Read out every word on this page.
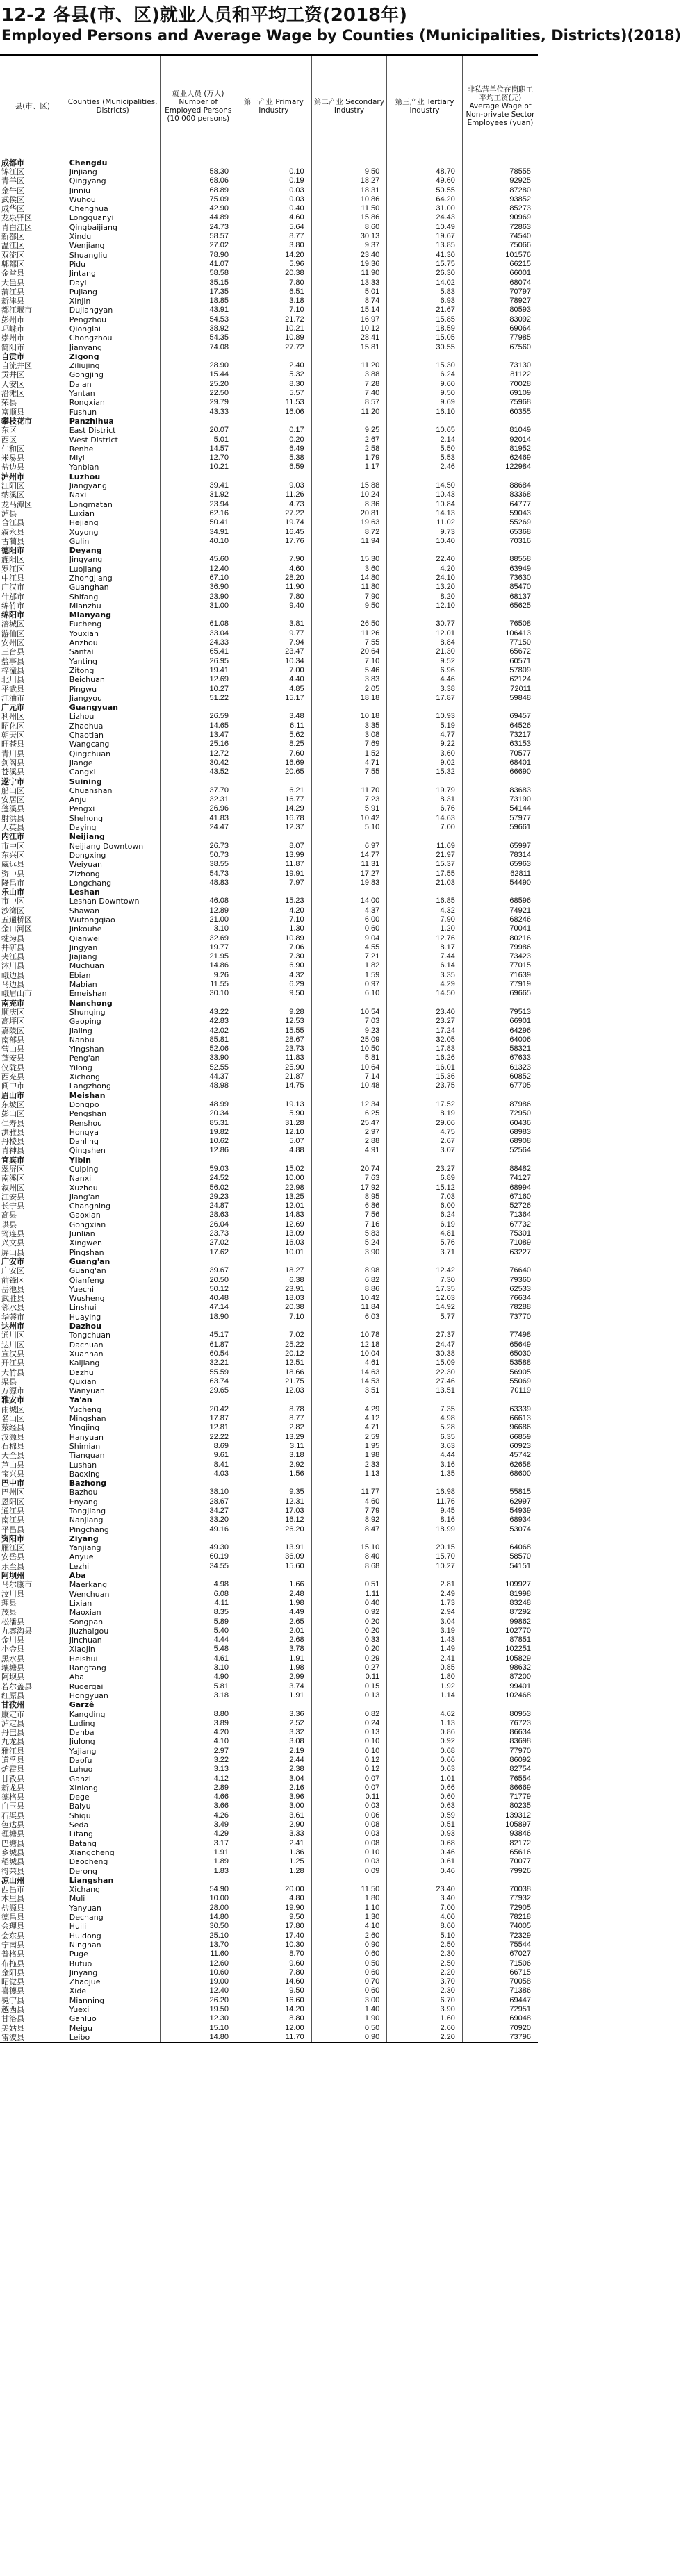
12-2 各县(市、区)就业人员和平均工资(2018年)
Employed Persons and Average Wage by Counties (Municipalities, Districts)(2018)
县(市、区)	Counties (Municipalities, Districts)	就业人员 (万人) Number of Employed Persons (10 000 persons)	第一产业 Primary Industry	第二产业 Secondary Industry	第三产业 Tertiary Industry	非私营单位在岗职工平均工资(元) Average Wage of Non-private Sector Employees (yuan)
成都市	Chengdu					
锦江区	Jinjiang	58.30	0.10	9.50	48.70	78555
青羊区	Qingyang	68.06	0.19	18.27	49.60	92925
金牛区	Jinniu	68.89	0.03	18.31	50.55	87280
武侯区	Wuhou	75.09	0.03	10.86	64.20	93852
成华区	Chenghua	42.90	0.40	11.50	31.00	85273
龙泉驿区	Longquanyi	44.89	4.60	15.86	24.43	90969
青白江区	Qingbaijiang	24.73	5.64	8.60	10.49	72863
新都区	Xindu	58.57	8.77	30.13	19.67	74540
温江区	Wenjiang	27.02	3.80	9.37	13.85	75066
双流区	Shuangliu	78.90	14.20	23.40	41.30	101576
郫都区	Pidu	41.07	5.96	19.36	15.75	66215
金堂县	Jintang	58.58	20.38	11.90	26.30	66001
大邑县	Dayi	35.15	7.80	13.33	14.02	68074
蒲江县	Pujiang	17.35	6.51	5.01	5.83	70797
新津县	Xinjin	18.85	3.18	8.74	6.93	78927
都江堰市	Dujiangyan	43.91	7.10	15.14	21.67	80593
彭州市	Pengzhou	54.53	21.72	16.97	15.85	83092
邛崃市	Qionglai	38.92	10.21	10.12	18.59	69064
崇州市	Chongzhou	54.35	10.89	28.41	15.05	77985
简阳市	Jianyang	74.08	27.72	15.81	30.55	67560
自贡市	Zigong					
自流井区	Ziliujing	28.90	2.40	11.20	15.30	73130
贡井区	Gongjing	15.44	5.32	3.88	6.24	81122
大安区	Da'an	25.20	8.30	7.28	9.60	70028
沿滩区	Yantan	22.50	5.57	7.40	9.50	69109
荣县	Rongxian	29.79	11.53	8.57	9.69	75968
富顺县	Fushun	43.33	16.06	11.20	16.10	60355
攀枝花市	Panzhihua					
东区	East District	20.07	0.17	9.25	10.65	81049
西区	West District	5.01	0.20	2.67	2.14	92014
仁和区	Renhe	14.57	6.49	2.58	5.50	81952
米易县	Miyi	12.70	5.38	1.79	5.53	62469
盐边县	Yanbian	10.21	6.59	1.17	2.46	122984
泸州市	Luzhou					
江阳区	Jiangyang	39.41	9.03	15.88	14.50	88684
纳溪区	Naxi	31.92	11.26	10.24	10.43	83368
龙马潭区	Longmatan	23.94	4.73	8.36	10.84	64777
泸县	Luxian	62.16	27.22	20.81	14.13	59043
合江县	Hejiang	50.41	19.74	19.63	11.02	55269
叙永县	Xuyong	34.91	16.45	8.72	9.73	65368
古蔺县	Gulin	40.10	17.76	11.94	10.40	70316
德阳市	Deyang					
旌阳区	Jingyang	45.60	7.90	15.30	22.40	88558
罗江区	Luojiang	12.40	4.60	3.60	4.20	63949
中江县	Zhongjiang	67.10	28.20	14.80	24.10	73630
广汉市	Guanghan	36.90	11.90	11.80	13.20	85470
什邡市	Shifang	23.90	7.80	7.90	8.20	68137
绵竹市	Mianzhu	31.00	9.40	9.50	12.10	65625
绵阳市	Mianyang					
涪城区	Fucheng	61.08	3.81	26.50	30.77	76508
游仙区	Youxian	33.04	9.77	11.26	12.01	106413
安州区	Anzhou	24.33	7.94	7.55	8.84	77150
三台县	Santai	65.41	23.47	20.64	21.30	65672
盐亭县	Yanting	26.95	10.34	7.10	9.52	60571
梓潼县	Zitong	19.41	7.00	5.46	6.96	57809
北川县	Beichuan	12.69	4.40	3.83	4.46	62124
平武县	Pingwu	10.27	4.85	2.05	3.38	72011
江油市	Jiangyou	51.22	15.17	18.18	17.87	59848
广元市	Guangyuan					
利州区	Lizhou	26.59	3.48	10.18	10.93	69457
昭化区	Zhaohua	14.65	6.11	3.35	5.19	64526
朝天区	Chaotian	13.47	5.62	3.08	4.77	73217
旺苍县	Wangcang	25.16	8.25	7.69	9.22	63153
青川县	Qingchuan	12.72	7.60	1.52	3.60	70577
剑阁县	Jiange	30.42	16.69	4.71	9.02	68401
苍溪县	Cangxi	43.52	20.65	7.55	15.32	66690
遂宁市	Suining					
船山区	Chuanshan	37.70	6.21	11.70	19.79	83683
安居区	Anju	32.31	16.77	7.23	8.31	73190
蓬溪县	Pengxi	26.96	14.29	5.91	6.76	54144
射洪县	Shehong	41.83	16.78	10.42	14.63	57977
大英县	Daying	24.47	12.37	5.10	7.00	59661
内江市	Neijiang					
市中区	Neijiang Downtown	26.73	8.07	6.97	11.69	65997
东兴区	Dongxing	50.73	13.99	14.77	21.97	78314
威远县	Weiyuan	38.55	11.87	11.31	15.37	65963
资中县	Zizhong	54.73	19.91	17.27	17.55	62811
隆昌市	Longchang	48.83	7.97	19.83	21.03	54490
乐山市	Leshan					
市中区	Leshan Downtown	46.08	15.23	14.00	16.85	68596
沙湾区	Shawan	12.89	4.20	4.37	4.32	74921
五通桥区	Wutongqiao	21.00	7.10	6.00	7.90	68246
金口河区	Jinkouhe	3.10	1.30	0.60	1.20	70041
犍为县	Qianwei	32.69	10.89	9.04	12.76	80216
井研县	Jingyan	19.77	7.06	4.55	8.17	79986
夹江县	Jiajiang	21.95	7.30	7.21	7.44	73423
沐川县	Muchuan	14.86	6.90	1.82	6.14	77015
峨边县	Ebian	9.26	4.32	1.59	3.35	71639
马边县	Mabian	11.55	6.29	0.97	4.29	77919
峨眉山市	Emeishan	30.10	9.50	6.10	14.50	69665
南充市	Nanchong					
顺庆区	Shunqing	43.22	9.28	10.54	23.40	79513
高坪区	Gaoping	42.83	12.53	7.03	23.27	66901
嘉陵区	Jialing	42.02	15.55	9.23	17.24	64296
南部县	Nanbu	85.81	28.67	25.09	32.05	64006
营山县	Yingshan	52.06	23.73	10.50	17.83	58321
蓬安县	Peng'an	33.90	11.83	5.81	16.26	67633
仪陇县	Yilong	52.55	25.90	10.64	16.01	61323
西充县	Xichong	44.37	21.87	7.14	15.36	60852
阆中市	Langzhong	48.98	14.75	10.48	23.75	67705
眉山市	Meishan					
东坡区	Dongpo	48.99	19.13	12.34	17.52	87986
彭山区	Pengshan	20.34	5.90	6.25	8.19	72950
仁寿县	Renshou	85.31	31.28	25.47	29.06	60436
洪雅县	Hongya	19.82	12.10	2.97	4.75	68983
丹棱县	Danling	10.62	5.07	2.88	2.67	68908
青神县	Qingshen	12.86	4.88	4.91	3.07	52564
宜宾市	Yibin					
翠屏区	Cuiping	59.03	15.02	20.74	23.27	88482
南溪区	Nanxi	24.52	10.00	7.63	6.89	74127
叙州区	Xuzhou	56.02	22.98	17.92	15.12	68994
江安县	Jiang'an	29.23	13.25	8.95	7.03	67160
长宁县	Changning	24.87	12.01	6.86	6.00	52726
高县	Gaoxian	28.63	14.83	7.56	6.24	71364
珙县	Gongxian	26.04	12.69	7.16	6.19	67732
筠连县	Junlian	23.73	13.09	5.83	4.81	75301
兴文县	Xingwen	27.02	16.03	5.24	5.76	71089
屏山县	Pingshan	17.62	10.01	3.90	3.71	63227
广安市	Guang'an					
广安区	Guang'an	39.67	18.27	8.98	12.42	76640
前锋区	Qianfeng	20.50	6.38	6.82	7.30	79360
岳池县	Yuechi	50.12	23.91	8.86	17.35	62533
武胜县	Wusheng	40.48	18.03	10.42	12.03	76634
邻水县	Linshui	47.14	20.38	11.84	14.92	78288
华蓥市	Huaying	18.90	7.10	6.03	5.77	73770
达州市	Dazhou					
通川区	Tongchuan	45.17	7.02	10.78	27.37	77498
达川区	Dachuan	61.87	25.22	12.18	24.47	65649
宣汉县	Xuanhan	60.54	20.12	10.04	30.38	65030
开江县	Kaijiang	32.21	12.51	4.61	15.09	53588
大竹县	Dazhu	55.59	18.66	14.63	22.30	56905
渠县	Quxian	63.74	21.75	14.53	27.46	55069
万源市	Wanyuan	29.65	12.03	3.51	13.51	70119
雅安市	Ya'an					
雨城区	Yucheng	20.42	8.78	4.29	7.35	63339
名山区	Mingshan	17.87	8.77	4.12	4.98	66613
荥经县	Yingjing	12.81	2.82	4.71	5.28	96686
汉源县	Hanyuan	22.22	13.29	2.59	6.35	66859
石棉县	Shimian	8.69	3.11	1.95	3.63	60923
天全县	Tianquan	9.61	3.18	1.98	4.44	45742
芦山县	Lushan	8.41	2.92	2.33	3.16	62658
宝兴县	Baoxing	4.03	1.56	1.13	1.35	68600
巴中市	Bazhong					
巴州区	Bazhou	38.10	9.35	11.77	16.98	55815
恩阳区	Enyang	28.67	12.31	4.60	11.76	62997
通江县	Tongjiang	34.27	17.03	7.79	9.45	54939
南江县	Nanjiang	33.20	16.12	8.92	8.16	68934
平昌县	Pingchang	49.16	26.20	8.47	18.99	53074
资阳市	Ziyang					
雁江区	Yanjiang	49.30	13.91	15.10	20.15	64068
安岳县	Anyue	60.19	36.09	8.40	15.70	58570
乐至县	Lezhi	34.55	15.60	8.68	10.27	54151
阿坝州	Aba					
马尔康市	Maerkang	4.98	1.66	0.51	2.81	109927
汶川县	Wenchuan	6.08	2.48	1.11	2.49	81998
理县	Lixian	4.11	1.98	0.40	1.73	83248
茂县	Maoxian	8.35	4.49	0.92	2.94	87292
松潘县	Songpan	5.89	2.65	0.20	3.04	99862
九寨沟县	Jiuzhaigou	5.40	2.01	0.20	3.19	102770
金川县	Jinchuan	4.44	2.68	0.33	1.43	87851
小金县	Xiaojin	5.48	3.78	0.20	1.49	102251
黑水县	Heishui	4.61	1.91	0.29	2.41	105829
壤塘县	Rangtang	3.10	1.98	0.27	0.85	98632
阿坝县	Aba	4.90	2.99	0.11	1.80	87200
若尔盖县	Ruoergai	5.81	3.74	0.15	1.92	99401
红原县	Hongyuan	3.18	1.91	0.13	1.14	102468
甘孜州	Garzê					
康定市	Kangding	8.80	3.36	0.82	4.62	80953
泸定县	Luding	3.89	2.52	0.24	1.13	76723
丹巴县	Danba	4.20	3.32	0.13	0.86	86634
九龙县	Jiulong	4.10	3.08	0.10	0.92	83698
雅江县	Yajiang	2.97	2.19	0.10	0.68	77970
道孚县	Daofu	3.22	2.44	0.12	0.66	86092
炉霍县	Luhuo	3.13	2.38	0.12	0.63	82754
甘孜县	Ganzi	4.12	3.04	0.07	1.01	76554
新龙县	Xinlong	2.89	2.16	0.07	0.66	86669
德格县	Dege	4.66	3.96	0.11	0.60	71779
白玉县	Baiyu	3.66	3.00	0.03	0.63	80235
石渠县	Shiqu	4.26	3.61	0.06	0.59	139312
色达县	Seda	3.49	2.90	0.08	0.51	105897
理塘县	Litang	4.29	3.33	0.03	0.93	93846
巴塘县	Batang	3.17	2.41	0.08	0.68	82172
乡城县	Xiangcheng	1.91	1.36	0.10	0.46	65616
稻城县	Daocheng	1.89	1.25	0.03	0.61	70077
得荣县	Derong	1.83	1.28	0.09	0.46	79926
凉山州	Liangshan					
西昌市	Xichang	54.90	20.00	11.50	23.40	70038
木里县	Muli	10.00	4.80	1.80	3.40	77932
盐源县	Yanyuan	28.00	19.90	1.10	7.00	72905
德昌县	Dechang	14.80	9.50	1.30	4.00	78218
会理县	Huili	30.50	17.80	4.10	8.60	74005
会东县	Huidong	25.10	17.40	2.60	5.10	72329
宁南县	Ningnan	13.70	10.30	0.90	2.50	75544
普格县	Puge	11.60	8.70	0.60	2.30	67027
布拖县	Butuo	12.60	9.60	0.50	2.50	71506
金阳县	Jinyang	10.60	7.80	0.60	2.20	66715
昭觉县	Zhaojue	19.00	14.60	0.70	3.70	70058
喜德县	Xide	12.40	9.50	0.60	2.30	71386
冕宁县	Mianning	26.20	16.60	3.00	6.70	69447
越西县	Yuexi	19.50	14.20	1.40	3.90	72951
甘洛县	Ganluo	12.30	8.80	1.90	1.60	69048
美姑县	Meigu	15.10	12.00	0.50	2.60	70920
雷波县	Leibo	14.80	11.70	0.90	2.20	73796
